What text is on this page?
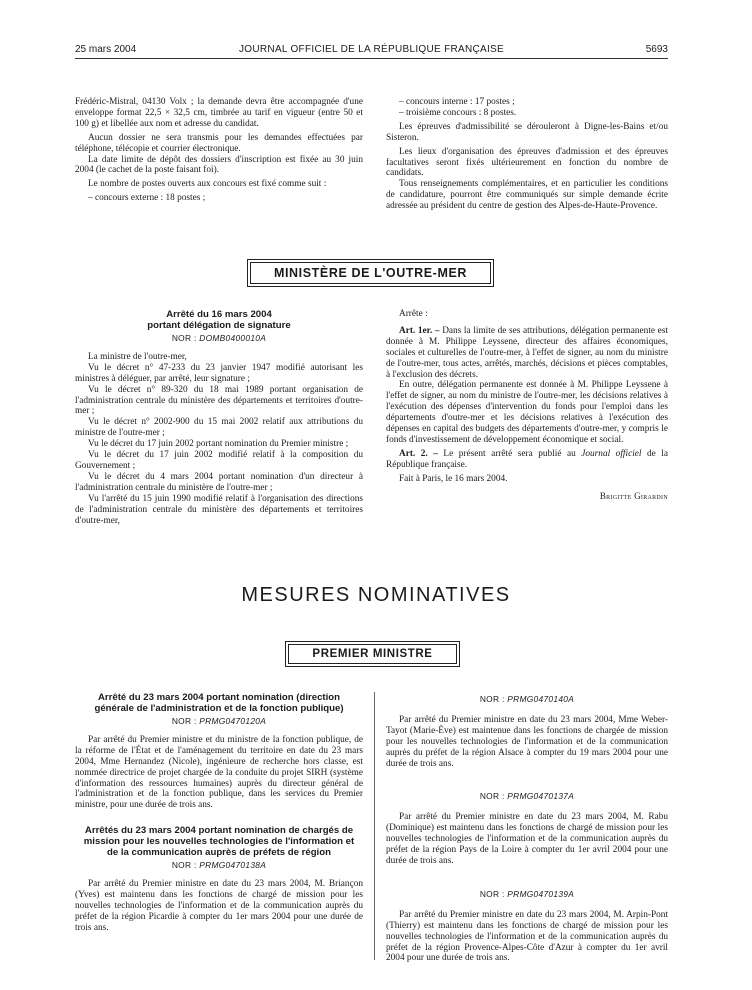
25 mars 2004	JOURNAL OFFICIEL DE LA RÉPUBLIQUE FRANÇAISE	5693

Frédéric-Mistral, 04130 Volx ; la demande devra être accompagnée d'une enveloppe format 22,5 × 32,5 cm, timbrée au tarif en vigueur (entre 50 et 100 g) et libellée aux nom et adresse du candidat.

Aucun dossier ne sera transmis pour les demandes effectuées par téléphone, télécopie et courrier électronique.

La date limite de dépôt des dossiers d'inscription est fixée au 30 juin 2004 (le cachet de la poste faisant foi).

Le nombre de postes ouverts aux concours est fixé comme suit :

– concours externe : 18 postes ;

– concours interne : 17 postes ;

– troisième concours : 8 postes.

Les épreuves d'admissibilité se dérouleront à Digne-les-Bains et/ou Sisteron.

Les lieux d'organisation des épreuves d'admission et des épreuves facultatives seront fixés ultérieurement en fonction du nombre de candidats.

Tous renseignements complémentaires, et en particulier les conditions de candidature, pourront être communiqués sur simple demande écrite adressée au président du centre de gestion des Alpes-de-Haute-Provence.

MINISTÈRE DE L'OUTRE-MER
Arrêté du 16 mars 2004
portant délégation de signature
NOR : DOMB0400010A

La ministre de l'outre-mer,

Vu le décret n° 47-233 du 23 janvier 1947 modifié autorisant les ministres à déléguer, par arrêté, leur signature ;

Vu le décret n° 89-320 du 18 mai 1989 portant organisation de l'administration centrale du ministère des départements et territoires d'outre-mer ;

Vu le décret n° 2002-900 du 15 mai 2002 relatif aux attributions du ministre de l'outre-mer ;

Vu le décret du 17 juin 2002 portant nomination du Premier ministre ;

Vu le décret du 17 juin 2002 modifié relatif à la composition du Gouvernement ;

Vu le décret du 4 mars 2004 portant nomination d'un directeur à l'administration centrale du ministère de l'outre-mer ;

Vu l'arrêté du 15 juin 1990 modifié relatif à l'organisation des directions de l'administration centrale du ministère des départements et territoires d'outre-mer,

Arrête :

Art. 1er. – Dans la limite de ses attributions, délégation permanente est donnée à M. Philippe Leyssene, directeur des affaires économiques, sociales et culturelles de l'outre-mer, à l'effet de signer, au nom du ministre de l'outre-mer, tous actes, arrêtés, marchés, décisions et pièces comptables, à l'exclusion des décrets.

En outre, délégation permanente est donnée à M. Philippe Leyssene à l'effet de signer, au nom du ministre de l'outre-mer, les décisions relatives à l'exécution des dépenses d'intervention du fonds pour l'emploi dans les départements d'outre-mer et les décisions relatives à l'exécution des dépenses en capital des budgets des départements d'outre-mer, y compris le fonds d'investissement de développement économique et social.

Art. 2. – Le présent arrêté sera publié au Journal officiel de la République française.

Fait à Paris, le 16 mars 2004.

Brigitte Girardin
MESURES NOMINATIVES
PREMIER MINISTRE
Arrêté du 23 mars 2004 portant nomination (direction générale de l'administration et de la fonction publique)
NOR : PRMG0470120A

Par arrêté du Premier ministre et du ministre de la fonction publique, de la réforme de l'État et de l'aménagement du territoire en date du 23 mars 2004, Mme Hernandez (Nicole), ingénieure de recherche hors classe, est nommée directrice de projet chargée de la conduite du projet SIRH (système d'information des ressources humaines) auprès du directeur général de l'administration et de la fonction publique, dans les services du Premier ministre, pour une durée de trois ans.

Arrêtés du 23 mars 2004 portant nomination de chargés de mission pour les nouvelles technologies de l'information et de la communication auprès de préfets de région
NOR : PRMG0470138A

Par arrêté du Premier ministre en date du 23 mars 2004, M. Briançon (Yves) est maintenu dans les fonctions de chargé de mission pour les nouvelles technologies de l'information et de la communication auprès du préfet de la région Picardie à compter du 1er mars 2004 pour une durée de trois ans.

NOR : PRMG0470140A

Par arrêté du Premier ministre en date du 23 mars 2004, Mme Weber-Tayot (Marie-Ève) est maintenue dans les fonctions de chargée de mission pour les nouvelles technologies de l'information et de la communication auprès du préfet de la région Alsace à compter du 19 mars 2004 pour une durée de trois ans.

NOR : PRMG0470137A

Par arrêté du Premier ministre en date du 23 mars 2004, M. Rabu (Dominique) est maintenu dans les fonctions de chargé de mission pour les nouvelles technologies de l'information et de la communication auprès du préfet de la région Pays de la Loire à compter du 1er avril 2004 pour une durée de trois ans.

NOR : PRMG0470139A

Par arrêté du Premier ministre en date du 23 mars 2004, M. Arpin-Pont (Thierry) est maintenu dans les fonctions de chargé de mission pour les nouvelles technologies de l'information et de la communication auprès du préfet de la région Provence-Alpes-Côte d'Azur à compter du 1er avril 2004 pour une durée de trois ans.
